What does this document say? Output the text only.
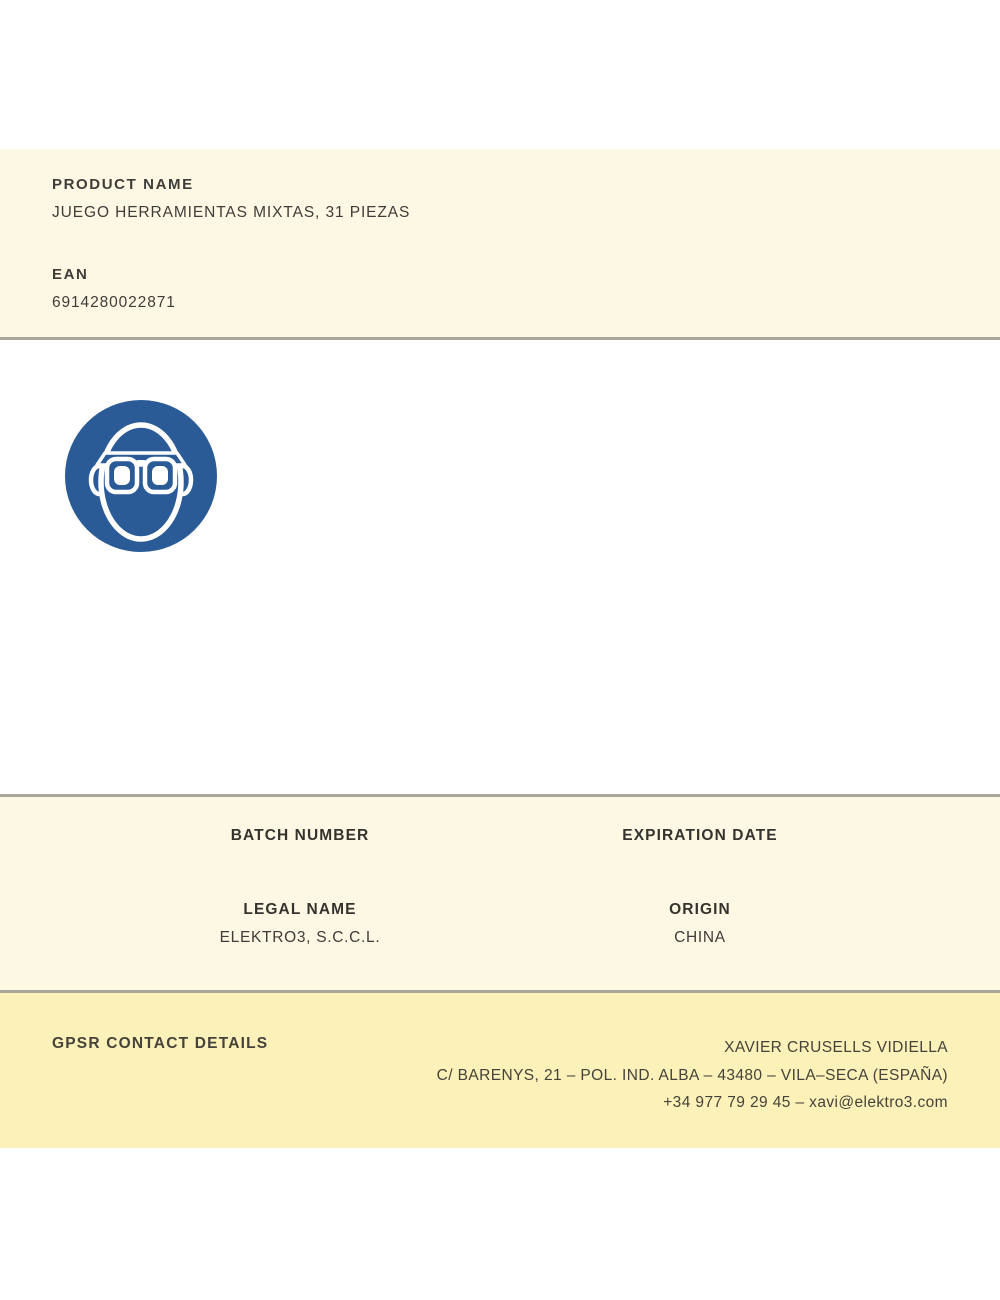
PRODUCT NAME
JUEGO HERRAMIENTAS MIXTAS, 31 PIEZAS
EAN
6914280022871
BATCH NUMBER	EXPIRATION DATE
LEGAL NAME
ELEKTRO3, S.C.C.L.
ORIGIN
CHINA
GPSR CONTACT DETAILS	XAVIER CRUSELLS VIDIELLA
C/ BARENYS, 21 – POL. IND. ALBA – 43480 – VILA–SECA (ESPAÑA)
+34 977 79 29 45 – xavi@elektro3.com
